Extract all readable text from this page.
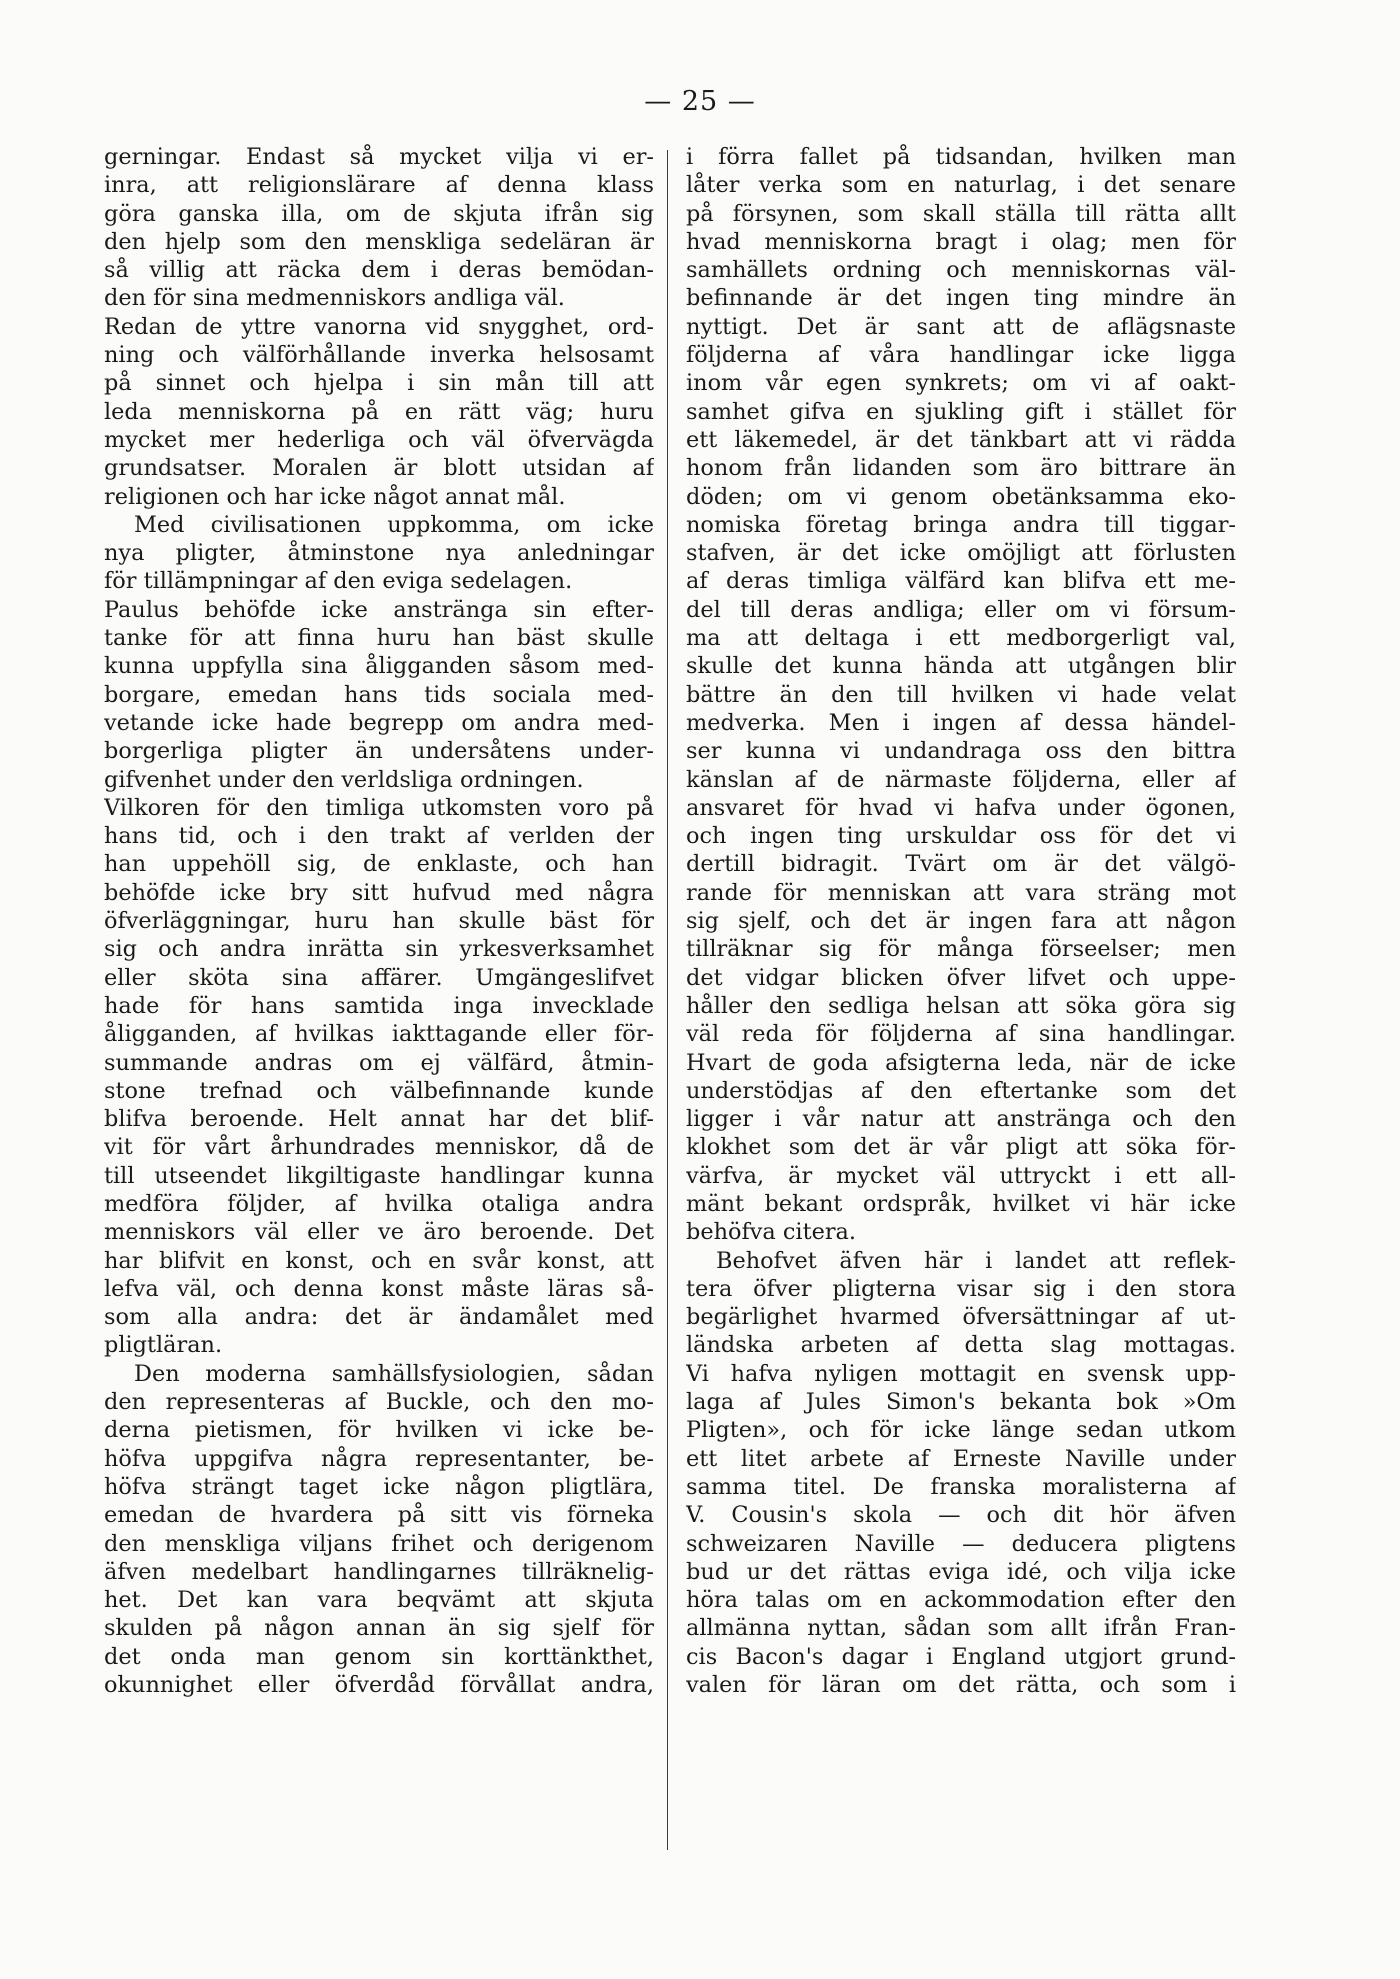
— 25 —
gerningar. Endast så mycket vilja vi er-
inra, att religionslärare af denna klass
göra ganska illa, om de skjuta ifrån sig
den hjelp som den menskliga sedeläran är
så villig att räcka dem i deras bemödan-
den för sina medmenniskors andliga väl.
Redan de yttre vanorna vid snygghet, ord-
ning och välförhållande inverka helsosamt
på sinnet och hjelpa i sin mån till att
leda menniskorna på en rätt väg; huru
mycket mer hederliga och väl öfvervägda
grundsatser. Moralen är blott utsidan af
religionen och har icke något annat mål.
Med civilisationen uppkomma, om icke
nya pligter, åtminstone nya anledningar
för tillämpningar af den eviga sedelagen.
Paulus behöfde icke anstränga sin efter-
tanke för att finna huru han bäst skulle
kunna uppfylla sina åligganden såsom med-
borgare, emedan hans tids sociala med-
vetande icke hade begrepp om andra med-
borgerliga pligter än undersåtens under-
gifvenhet under den verldsliga ordningen.
Vilkoren för den timliga utkomsten voro på
hans tid, och i den trakt af verlden der
han uppehöll sig, de enklaste, och han
behöfde icke bry sitt hufvud med några
öfverläggningar, huru han skulle bäst för
sig och andra inrätta sin yrkesverksamhet
eller sköta sina affärer. Umgängeslifvet
hade för hans samtida inga invecklade
åligganden, af hvilkas iakttagande eller för-
summande andras om ej välfärd, åtmin-
stone trefnad och välbefinnande kunde
blifva beroende. Helt annat har det blif-
vit för vårt århundrades menniskor, då de
till utseendet likgiltigaste handlingar kunna
medföra följder, af hvilka otaliga andra
menniskors väl eller ve äro beroende. Det
har blifvit en konst, och en svår konst, att
lefva väl, och denna konst måste läras så-
som alla andra: det är ändamålet med
pligtläran.
Den moderna samhällsfysiologien, sådan
den representeras af Buckle, och den mo-
derna pietismen, för hvilken vi icke be-
höfva uppgifva några representanter, be-
höfva strängt taget icke någon pligtlära,
emedan de hvardera på sitt vis förneka
den menskliga viljans frihet och derigenom
äfven medelbart handlingarnes tillräknelig-
het. Det kan vara beqvämt att skjuta
skulden på någon annan än sig sjelf för
det onda man genom sin korttänkthet,
okunnighet eller öfverdåd förvållat andra,
i förra fallet på tidsandan, hvilken man
låter verka som en naturlag, i det senare
på försynen, som skall ställa till rätta allt
hvad menniskorna bragt i olag; men för
samhällets ordning och menniskornas väl-
befinnande är det ingen ting mindre än
nyttigt. Det är sant att de aflägsnaste
följderna af våra handlingar icke ligga
inom vår egen synkrets; om vi af oakt-
samhet gifva en sjukling gift i stället för
ett läkemedel, är det tänkbart att vi rädda
honom från lidanden som äro bittrare än
döden; om vi genom obetänksamma eko-
nomiska företag bringa andra till tiggar-
stafven, är det icke omöjligt att förlusten
af deras timliga välfärd kan blifva ett me-
del till deras andliga; eller om vi försum-
ma att deltaga i ett medborgerligt val,
skulle det kunna hända att utgången blir
bättre än den till hvilken vi hade velat
medverka. Men i ingen af dessa händel-
ser kunna vi undandraga oss den bittra
känslan af de närmaste följderna, eller af
ansvaret för hvad vi hafva under ögonen,
och ingen ting urskuldar oss för det vi
dertill bidragit. Tvärt om är det välgö-
rande för menniskan att vara sträng mot
sig sjelf, och det är ingen fara att någon
tillräknar sig för många förseelser; men
det vidgar blicken öfver lifvet och uppe-
håller den sedliga helsan att söka göra sig
väl reda för följderna af sina handlingar.
Hvart de goda afsigterna leda, när de icke
understödjas af den eftertanke som det
ligger i vår natur att anstränga och den
klokhet som det är vår pligt att söka för-
värfva, är mycket väl uttryckt i ett all-
mänt bekant ordspråk, hvilket vi här icke
behöfva citera.
Behofvet äfven här i landet att reflek-
tera öfver pligterna visar sig i den stora
begärlighet hvarmed öfversättningar af ut-
ländska arbeten af detta slag mottagas.
Vi hafva nyligen mottagit en svensk upp-
laga af Jules Simon's bekanta bok »Om
Pligten», och för icke länge sedan utkom
ett litet arbete af Erneste Naville under
samma titel. De franska moralisterna af
V. Cousin's skola — och dit hör äfven
schweizaren Naville — deducera pligtens
bud ur det rättas eviga idé, och vilja icke
höra talas om en ackommodation efter den
allmänna nyttan, sådan som allt ifrån Fran-
cis Bacon's dagar i England utgjort grund-
valen för läran om det rätta, och som i
